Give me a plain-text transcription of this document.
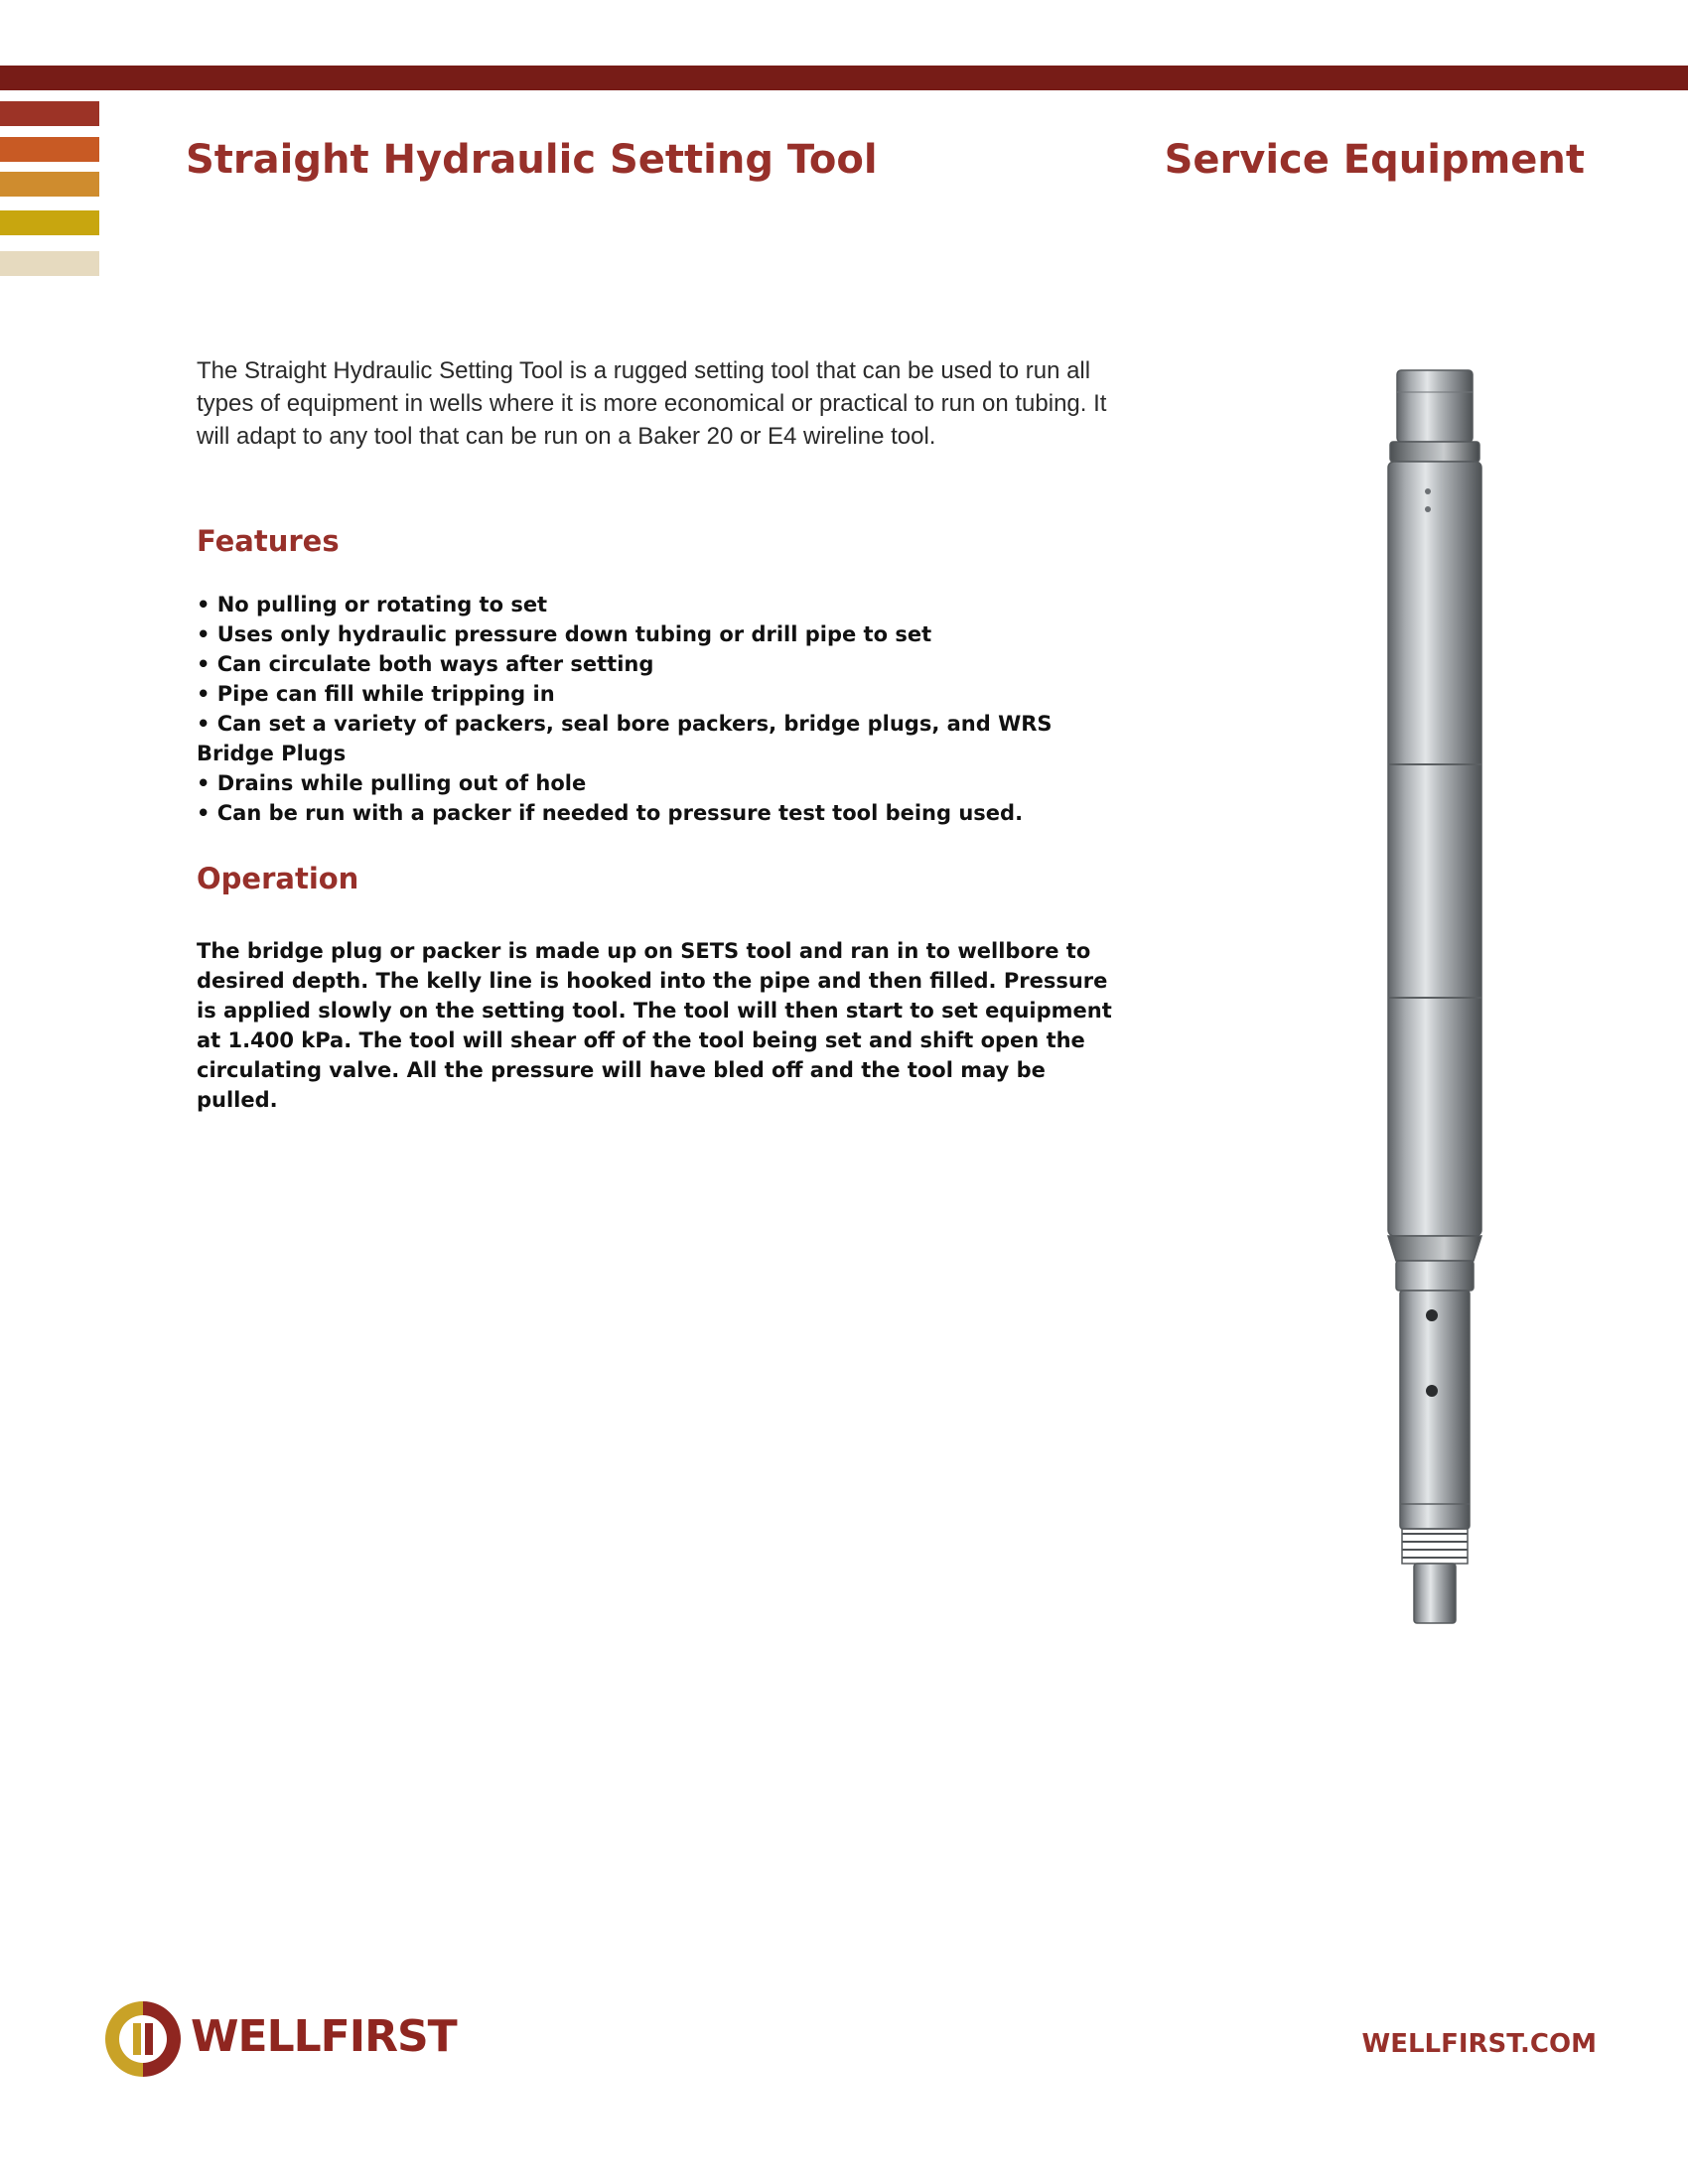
Straight Hydraulic Setting Tool	Service Equipment

The Straight Hydraulic Setting Tool is a rugged setting tool that can be used to run all types of equipment in wells where it is more economical or practical to run on tubing. It will adapt to any tool that can be run on a Baker 20 or E4 wireline tool.

Features
• No pulling or rotating to set
• Uses only hydraulic pressure down tubing or drill pipe to set
• Can circulate both ways after setting
• Pipe can fill while tripping in
• Can set a variety of packers, seal bore packers, bridge plugs, and WRS Bridge Plugs
• Drains while pulling out of hole
• Can be run with a packer if needed to pressure test tool being used.
Operation

The bridge plug or packer is made up on SETS tool and ran in to wellbore to desired depth. The kelly line is hooked into the pipe and then filled. Pressure is applied slowly on the setting tool. The tool will then start to set equipment at 1.400 kPa. The tool will shear off of the tool being set and shift open the circulating valve. All the pressure will have bled off and the tool may be pulled.

WELLFIRST	WELLFIRST.COM
